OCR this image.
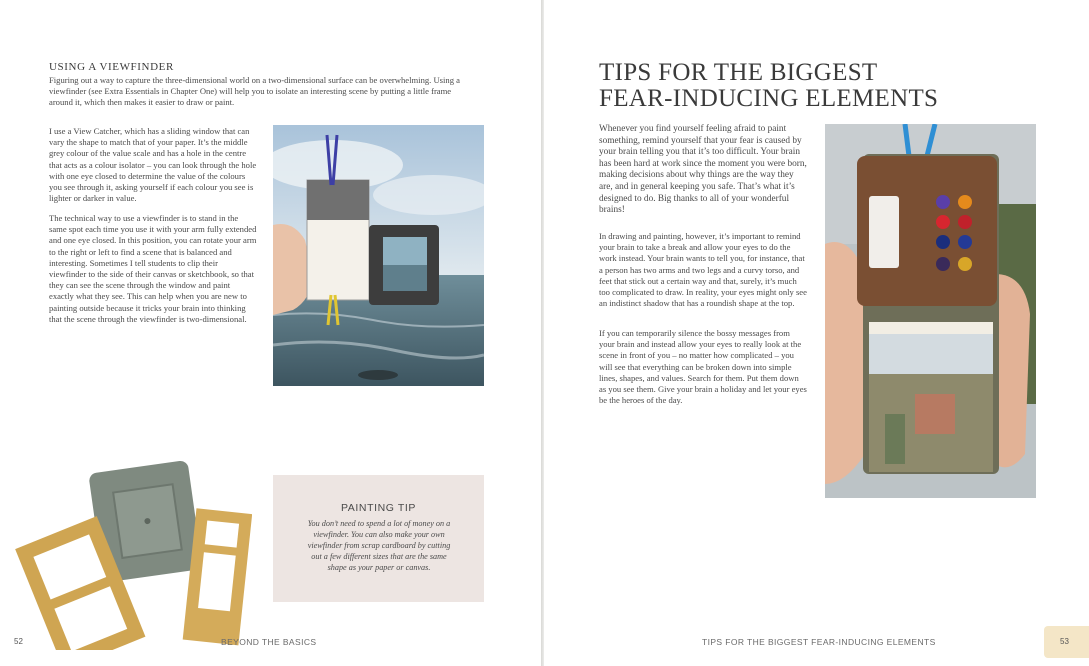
USING A VIEWFINDER

Figuring out a way to capture the three-dimensional world on a two-dimensional surface can be overwhelming. Using a viewfinder (see Extra Essentials in Chapter One) will help you to isolate an interesting scene by putting a little frame around it, which then makes it easier to draw or paint.

I use a View Catcher, which has a sliding window that can vary the shape to match that of your paper. It’s the middle grey colour of the value scale and has a hole in the centre that acts as a colour isolator – you can look through the hole with one eye closed to determine the value of the colours you see through it, asking yourself if each colour you see is lighter or darker in value.

The technical way to use a viewfinder is to stand in the same spot each time you use it with your arm fully extended and one eye closed. In this position, you can rotate your arm to the right or left to find a scene that is balanced and interesting. Sometimes I tell students to clip their viewfinder to the side of their canvas or sketchbook, so that they can see the scene through the window and paint exactly what they see. This can help when you are new to painting outside because it tricks your brain into thinking that the scene through the viewfinder is two-dimensional.

PAINTING TIP

You don’t need to spend a lot of money on a viewfinder. You can also make your own viewfinder from scrap cardboard by cutting out a few different sizes that are the same shape as your paper or canvas.

52	BEYOND THE BASICS
TIPS FOR THE BIGGEST
FEAR-INDUCING ELEMENTS

Whenever you find yourself feeling afraid to paint something, remind yourself that your fear is caused by your brain telling you that it’s too difficult. Your brain has been hard at work since the moment you were born, making decisions about why things are the way they are, and in general keeping you safe. That’s what it’s designed to do. Big thanks to all of your wonderful brains!

In drawing and painting, however, it’s important to remind your brain to take a break and allow your eyes to do the work instead. Your brain wants to tell you, for instance, that a person has two arms and two legs and a curvy torso, and feet that stick out a certain way and that, surely, it’s much too complicated to draw. In reality, your eyes might only see an indistinct shadow that has a roundish shape at the top.

If you can temporarily silence the bossy messages from your brain and instead allow your eyes to really look at the scene in front of you – no matter how complicated – you will see that everything can be broken down into simple lines, shapes, and values. Search for them. Put them down as you see them. Give your brain a holiday and let your eyes be the heroes of the day.

53
TIPS FOR THE BIGGEST FEAR-INDUCING ELEMENTS
